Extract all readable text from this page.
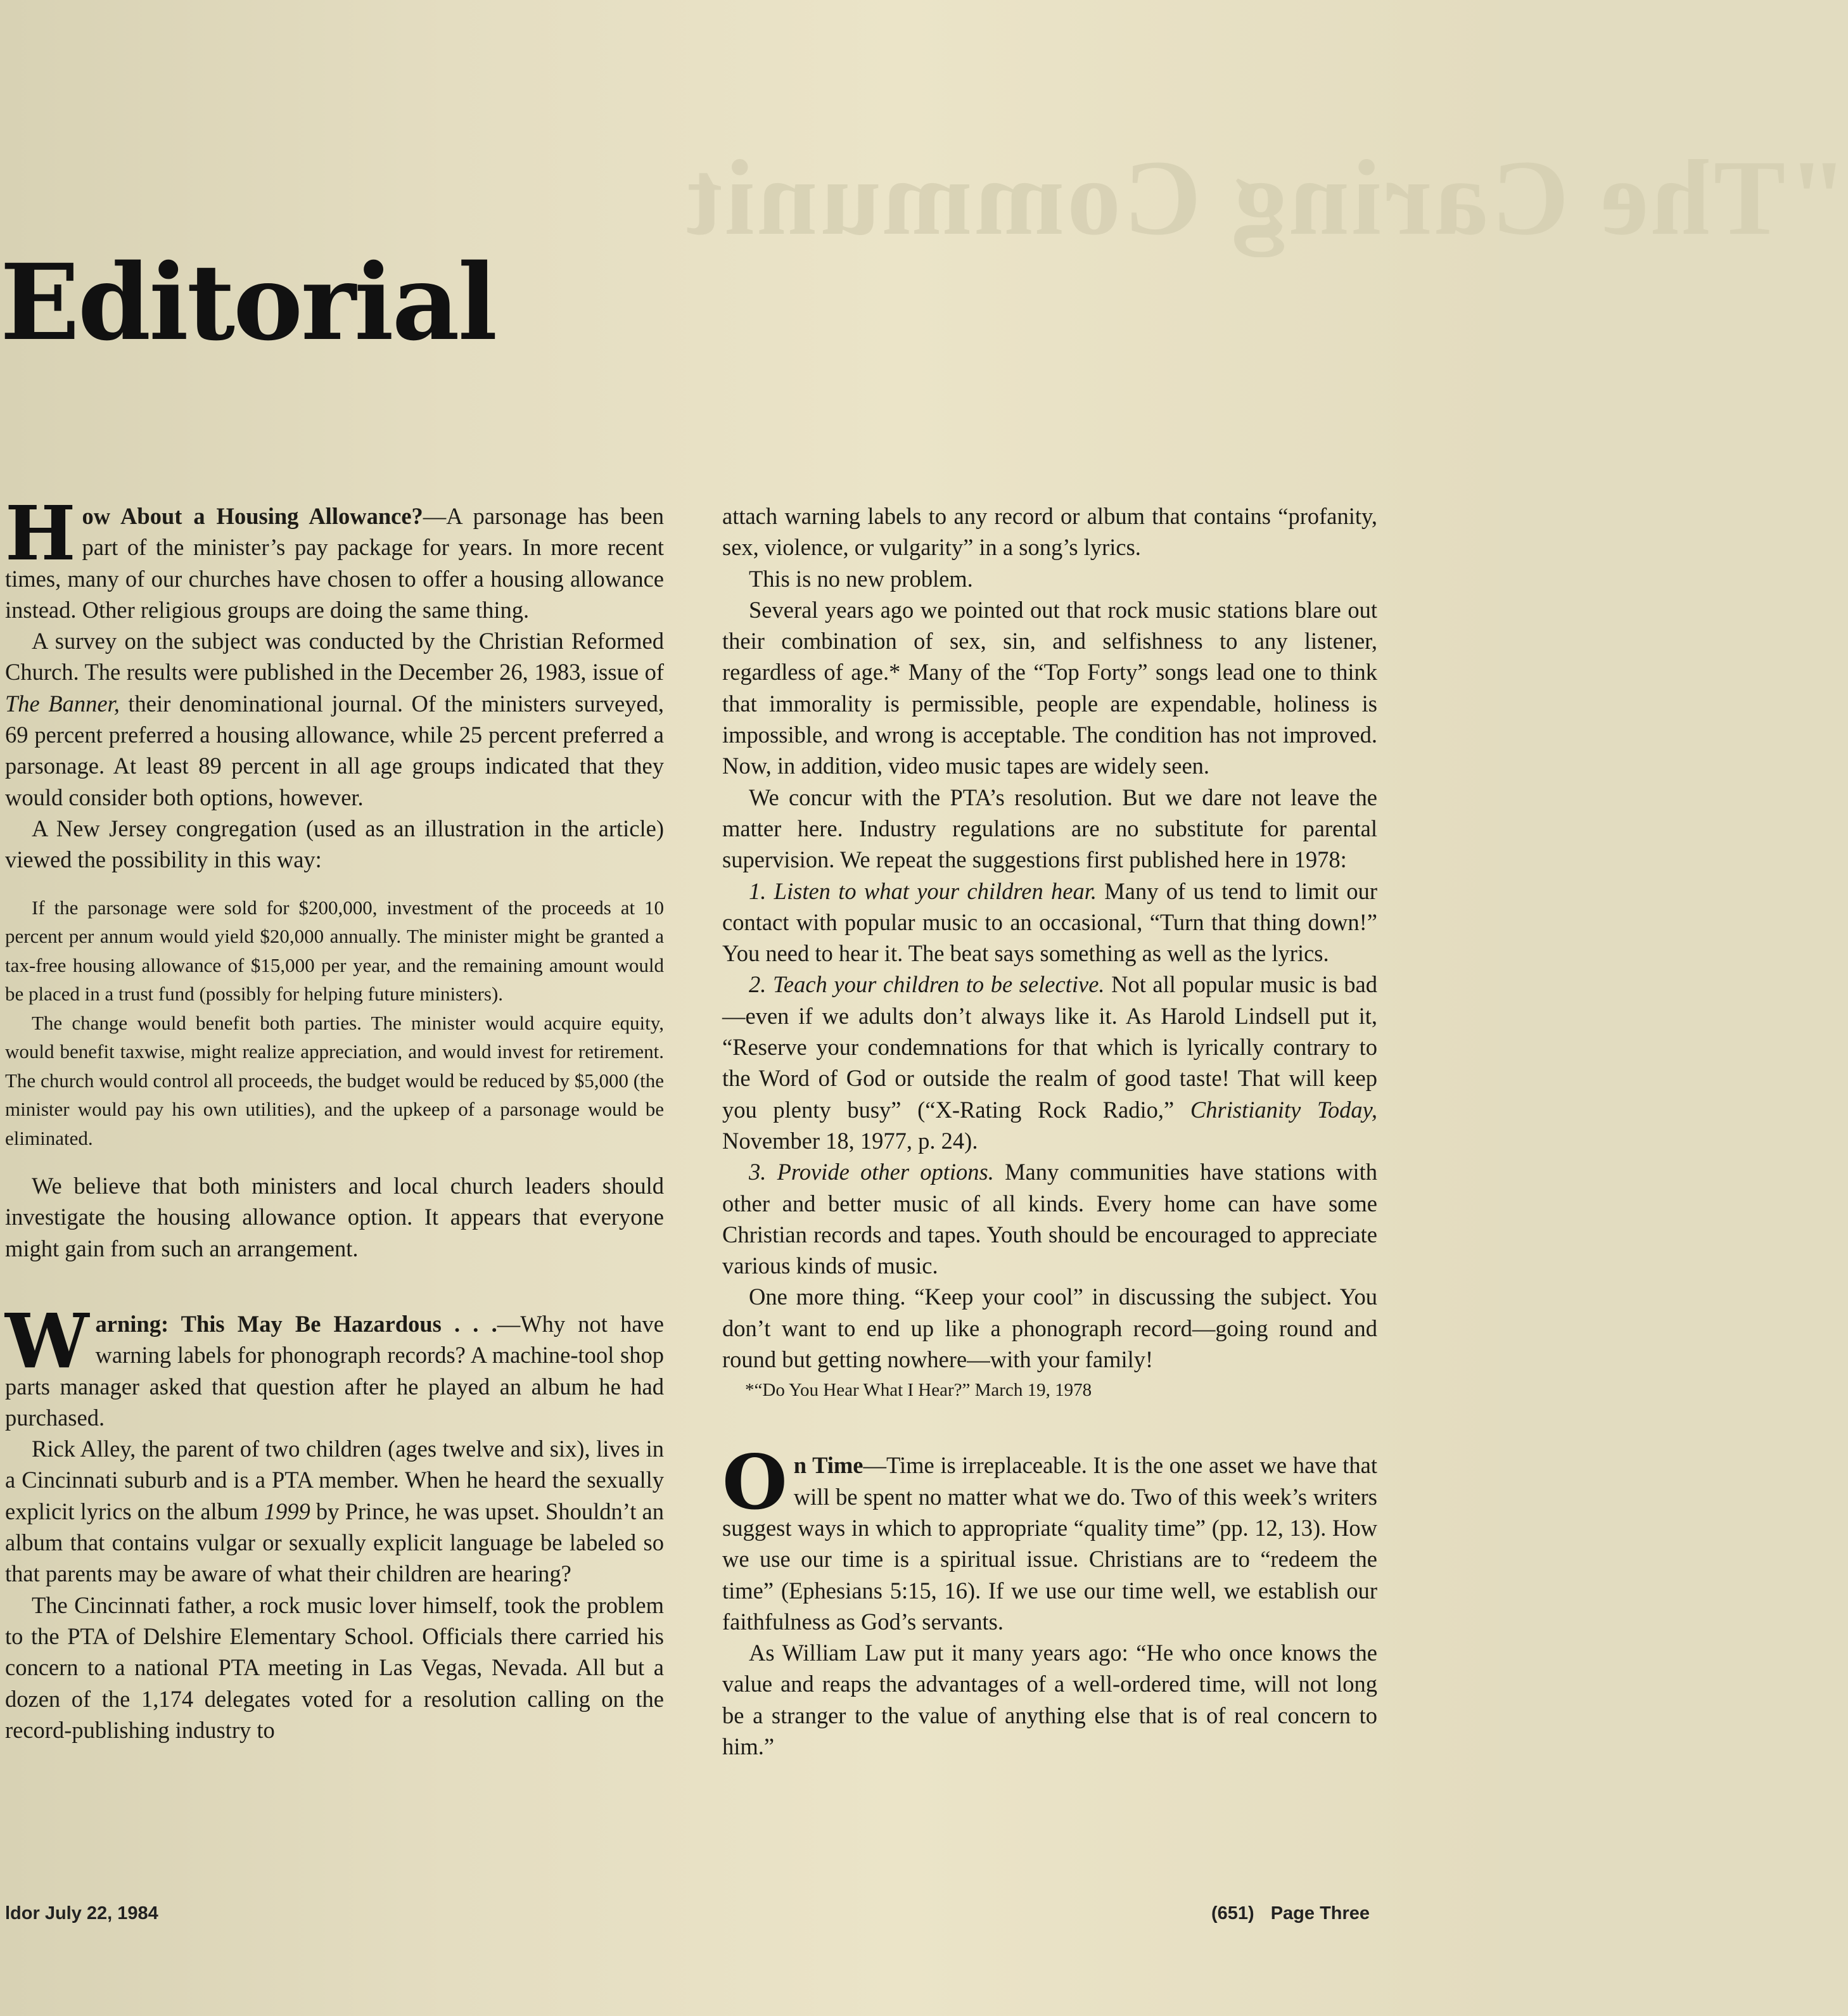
"The Caring Communit
Editorial

How About a Housing Allowance?—A parsonage has been part of the minister’s pay package for years. In more recent times, many of our churches have chosen to offer a housing allowance instead. Other religious groups are doing the same thing.

A survey on the subject was conducted by the Christian Reformed Church. The results were published in the December 26, 1983, issue of The Banner, their denominational journal. Of the ministers surveyed, 69 percent preferred a housing allowance, while 25 percent preferred a parsonage. At least 89 percent in all age groups indicated that they would consider both options, however.

A New Jersey congregation (used as an illustration in the article) viewed the possibility in this way:

If the parsonage were sold for $200,000, investment of the proceeds at 10 percent per annum would yield $20,000 annually. The minister might be granted a tax-free housing allowance of $15,000 per year, and the remaining amount would be placed in a trust fund (possibly for helping future ministers).

The change would benefit both parties. The minister would acquire equity, would benefit taxwise, might realize appreciation, and would invest for retirement. The church would control all proceeds, the budget would be reduced by $5,000 (the minister would pay his own utilities), and the upkeep of a parsonage would be eliminated.

We believe that both ministers and local church leaders should investigate the housing allowance option. It appears that everyone might gain from such an arrangement.

Warning: This May Be Hazardous . . .—Why not have warning labels for phonograph records? A machine-tool shop parts manager asked that question after he played an album he had purchased.

Rick Alley, the parent of two children (ages twelve and six), lives in a Cincinnati suburb and is a PTA member. When he heard the sexually explicit lyrics on the album 1999 by Prince, he was upset. Shouldn’t an album that contains vulgar or sexually explicit language be labeled so that parents may be aware of what their children are hearing?

The Cincinnati father, a rock music lover himself, took the problem to the PTA of Delshire Elementary School. Officials there carried his concern to a national PTA meeting in Las Vegas, Nevada. All but a dozen of the 1,174 delegates voted for a resolution calling on the record-publishing industry to

attach warning labels to any record or album that contains “profanity, sex, violence, or vulgarity” in a song’s lyrics.

This is no new problem.

Several years ago we pointed out that rock music stations blare out their combination of sex, sin, and selfishness to any listener, regardless of age.* Many of the “Top Forty” songs lead one to think that immorality is permissible, people are expendable, holiness is impossible, and wrong is acceptable. The condition has not improved. Now, in addition, video music tapes are widely seen.

We concur with the PTA’s resolution. But we dare not leave the matter here. Industry regulations are no substitute for parental supervision. We repeat the suggestions first published here in 1978:

1. Listen to what your children hear. Many of us tend to limit our contact with popular music to an occasional, “Turn that thing down!” You need to hear it. The beat says something as well as the lyrics.

2. Teach your children to be selective. Not all popular music is bad—even if we adults don’t always like it. As Harold Lindsell put it, “Reserve your condemnations for that which is lyrically contrary to the Word of God or outside the realm of good taste! That will keep you plenty busy” (“X-Rating Rock Radio,” Christianity Today, November 18, 1977, p. 24).

3. Provide other options. Many communities have stations with other and better music of all kinds. Every home can have some Christian records and tapes. Youth should be encouraged to appreciate various kinds of music.

One more thing. “Keep your cool” in discussing the subject. You don’t want to end up like a phonograph record—going round and round but getting nowhere—with your family!

*“Do You Hear What I Hear?” March 19, 1978

On Time—Time is irreplaceable. It is the one asset we have that will be spent no matter what we do. Two of this week’s writers suggest ways in which to appropriate “quality time” (pp. 12, 13). How we use our time is a spiritual issue. Christians are to “redeem the time” (Ephesians 5:15, 16). If we use our time well, we establish our faithfulness as God’s servants.

As William Law put it many years ago: “He who once knows the value and reaps the advantages of a well-ordered time, will not long be a stranger to the value of anything else that is of real concern to him.”

ldor July 22, 1984	(651) Page Three
